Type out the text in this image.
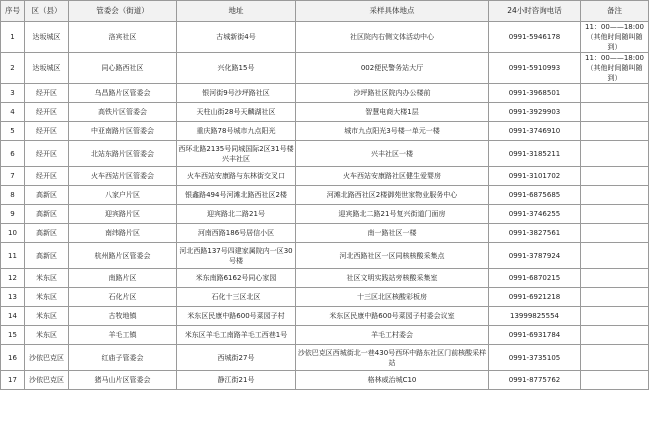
序号	区（县）	管委会（街道）	地址	采样具体地点	24小时咨询电话	备注
1	达坂城区	洛宾社区	古城新街4号	社区院内右侧文体活动中心	0991-5946178	11：00——18:00
（其他时间随叫随到）

2	达坂城区	同心路西社区	兴化路15号	002便民警务站大厅	0991-5910993	11：00——18:00
（其他时间随叫随到）

3	经开区	乌昌路片区管委会	银河街9号沙坪路社区	沙坪路社区院内办公楼前	0991-3968501	
4	经开区	高铁片区管委会	天柱山街28号天麟湖社区	智慧电商大楼1层	0991-3929903	
5	经开区	中亚南路片区管委会	重庆路78号城市九点阳光	城市九点阳光3号楼一单元一楼	0991-3746910	
6	经开区	北站东路片区管委会	西环北路2135号同城国际2区31号楼兴丰社区	兴丰社区一楼	0991-3185211	
7	经开区	火车西站片区管委会	火车西站安康路与东林街交叉口	火车西站安康路社区健生爱婴房	0991-3101702	
8	高新区	八家户片区	银鑫路494号河滩北路西社区2楼	河滩北路西社区2楼御苑世家物业服务中心	0991-6875685	
9	高新区	迎宾路片区	迎宾路北二路21号	迎宾路北二路21号复兴街道门面房	0991-3746255	
10	高新区	南纬路片区	河南西路186号居信小区	南一路社区一楼	0991-3827561	
11	高新区	杭州路片区管委会	河北西路137号四建家属院内一区30号楼	河北西路社区一区同核核酸采集点	0991-3787924	
12	米东区	南路片区	米东南路6162号同心家园	社区文明实践站旁核酸采集室	0991-6870215	
13	米东区	石化片区	石化十三区北区	十三区北区核酸彩板房	0991-6921218	
14	米东区	古牧地镇	米东区民康中路600号菜园子村	米东区民康中路600号菜园子村委会议室	13999825554	
15	米东区	羊毛工镇	米东区羊毛工南路羊毛工西巷1号	羊毛工村委会	0991-6931784	
16	沙依巴克区	红庙子管委会	西城街27号	沙依巴克区西城街北一巷430号西环中路东社区门前核酸采样站	0991-3735105	
17	沙依巴克区	猪马山片区管委会	静江街21号	格林威治城C10	0991-8775762	
